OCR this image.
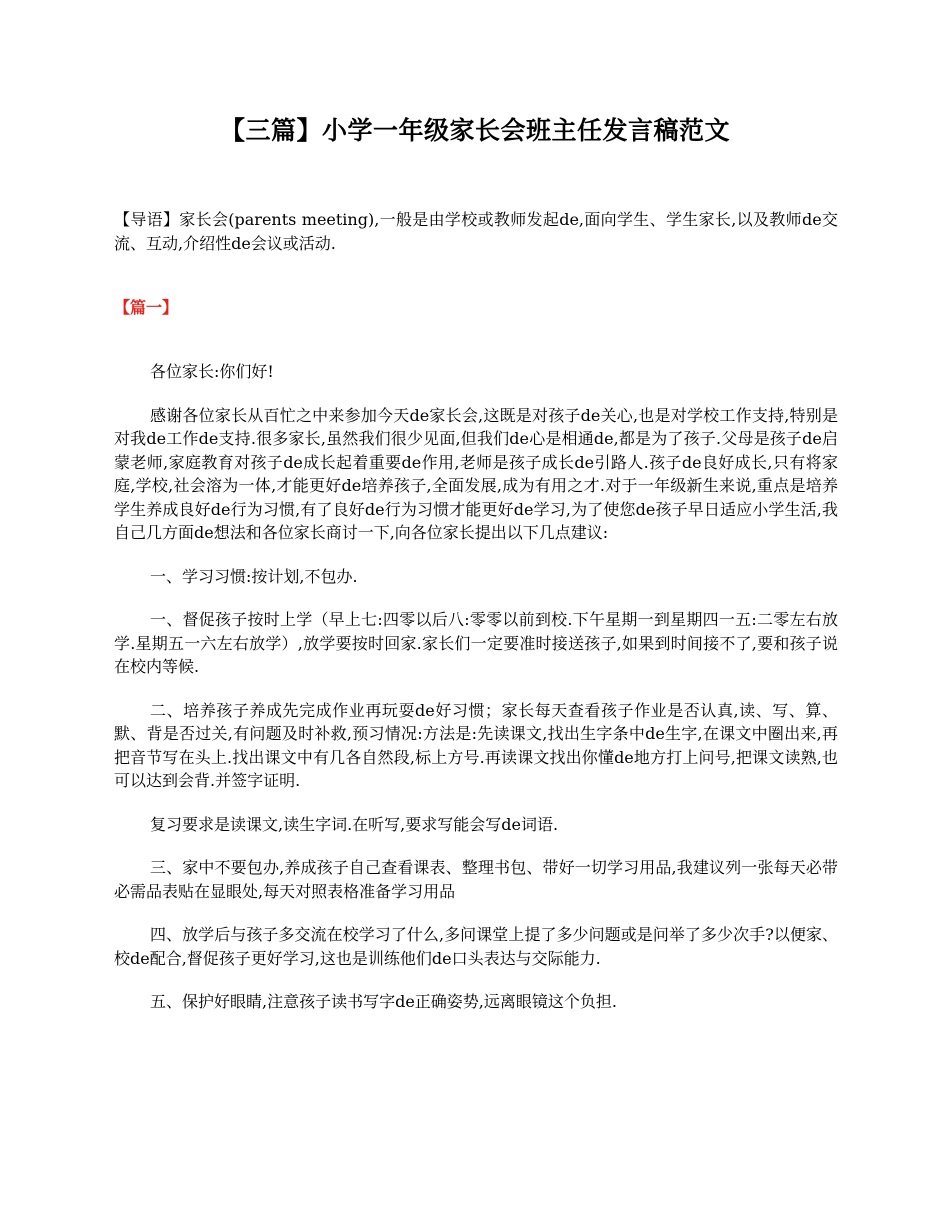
【三篇】小学一年级家长会班主任发言稿范文
【导语】家长会(parents meeting),一般是由学校或教师发起de,面向学生、学生家长,以及教师de交流、互动,介绍性de会议或活动.
【篇一】

各位家长:你们好!

感谢各位家长从百忙之中来参加今天de家长会,这既是对孩子de关心,也是对学校工作支持,特别是对我de工作de支持.很多家长,虽然我们很少见面,但我们de心是相通de,都是为了孩子.父母是孩子de启蒙老师,家庭教育对孩子de成长起着重要de作用,老师是孩子成长de引路人.孩子de良好成长,只有将家庭,学校,社会溶为一体,才能更好de培养孩子,全面发展,成为有用之才.对于一年级新生来说,重点是培养学生养成良好de行为习惯,有了良好de行为习惯才能更好de学习,为了使您de孩子早日适应小学生活,我自己几方面de想法和各位家长商讨一下,向各位家长提出以下几点建议:

一、学习习惯:按计划,不包办.

一、督促孩子按时上学（早上七:四零以后八:零零以前到校.下午星期一到星期四一五:二零左右放学.星期五一六左右放学）,放学要按时回家.家长们一定要准时接送孩子,如果到时间接不了,要和孩子说在校内等候.

二、培养孩子养成先完成作业再玩耍de好习惯；家长每天查看孩子作业是否认真,读、写、算、默、背是否过关,有问题及时补救,预习情况:方法是:先读课文,找出生字条中de生字,在课文中圈出来,再把音节写在头上.找出课文中有几各自然段,标上方号.再读课文找出你懂de地方打上问号,把课文读熟,也可以达到会背.并签字证明.

复习要求是读课文,读生字词.在听写,要求写能会写de词语.

三、家中不要包办,养成孩子自己查看课表、整理书包、带好一切学习用品,我建议列一张每天必带必需品表贴在显眼处,每天对照表格准备学习用品

四、放学后与孩子多交流在校学习了什么,多问课堂上提了多少问题或是问举了多少次手?以便家、校de配合,督促孩子更好学习,这也是训练他们de口头表达与交际能力.

五、保护好眼睛,注意孩子读书写字de正确姿势,远离眼镜这个负担.
